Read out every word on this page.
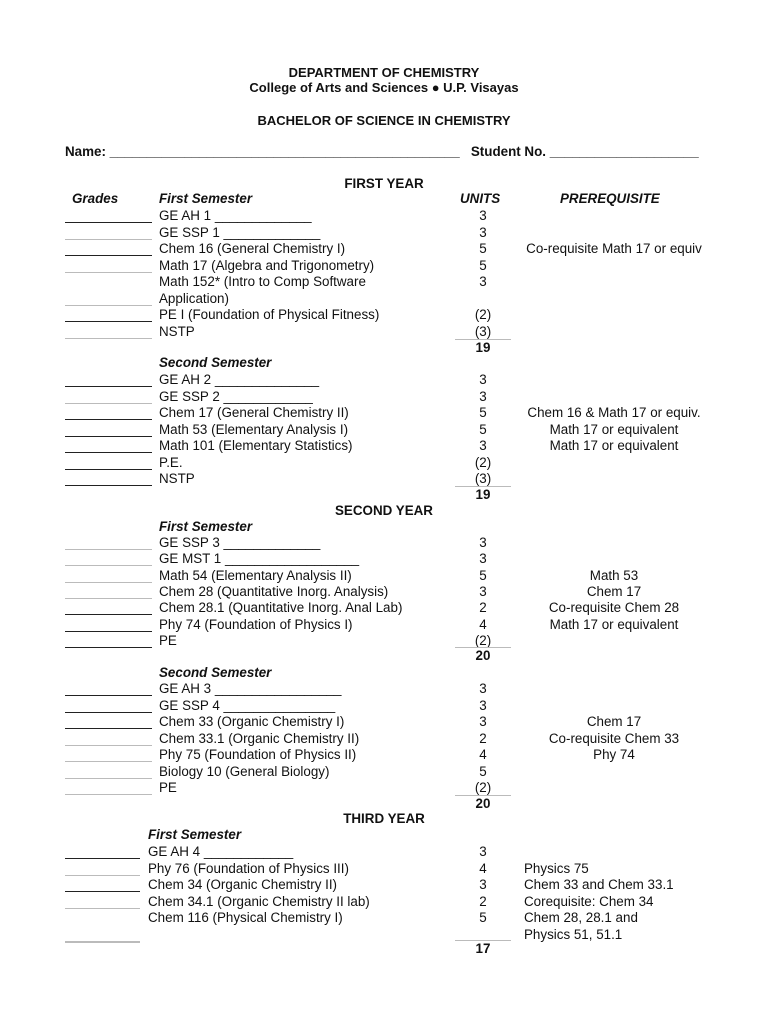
DEPARTMENT OF CHEMISTRY
College of Arts and Sciences ● U.P. Visayas
BACHELOR OF SCIENCE IN CHEMISTRY
Name: _______________________________________________ Student No. ____________________
FIRST YEAR
Grades	First Semester	UNITS	PREREQUISITE
GE AH 1 _____________	3
GE SSP 1 _____________	3
Chem 16 (General Chemistry I)	5	Co-requisite Math 17 or equiv
Math 17 (Algebra and Trigonometry)	5
Math 152* (Intro to Comp Software	3
Application)
PE I (Foundation of Physical Fitness)	(2)
NSTP	(3)
19
Second Semester
GE AH 2 ______________	3
GE SSP 2 ____________	3
Chem 17 (General Chemistry II)	5	Chem 16 & Math 17 or equiv.
Math 53 (Elementary Analysis I)	5	Math 17 or equivalent
Math 101 (Elementary Statistics)	3	Math 17 or equivalent
P.E.	(2)
NSTP	(3)
19
SECOND YEAR
First Semester
GE SSP 3 _____________	3
GE MST 1 __________________	3
Math 54 (Elementary Analysis II)	5	Math 53
Chem 28 (Quantitative Inorg. Analysis)	3	Chem 17
Chem 28.1 (Quantitative Inorg. Anal Lab)	2	Co-requisite Chem 28
Phy 74 (Foundation of Physics I)	4	Math 17 or equivalent
PE	(2)
20
Second Semester
GE AH 3 _________________	3
GE SSP 4 _______________	3
Chem 33 (Organic Chemistry I)	3	Chem 17
Chem 33.1 (Organic Chemistry II)	2	Co-requisite Chem 33
Phy 75 (Foundation of Physics II)	4	Phy 74
Biology 10 (General Biology)	5
PE	(2)
20
THIRD YEAR
First Semester
GE AH 4 ____________	3
Phy 76 (Foundation of Physics III)	4	Physics 75
Chem 34 (Organic Chemistry II)	3	Chem 33 and Chem 33.1
Chem 34.1 (Organic Chemistry II lab)	2	Corequisite: Chem 34
Chem 116 (Physical Chemistry I)	5	Chem 28, 28.1 and
Physics 51, 51.1
17
